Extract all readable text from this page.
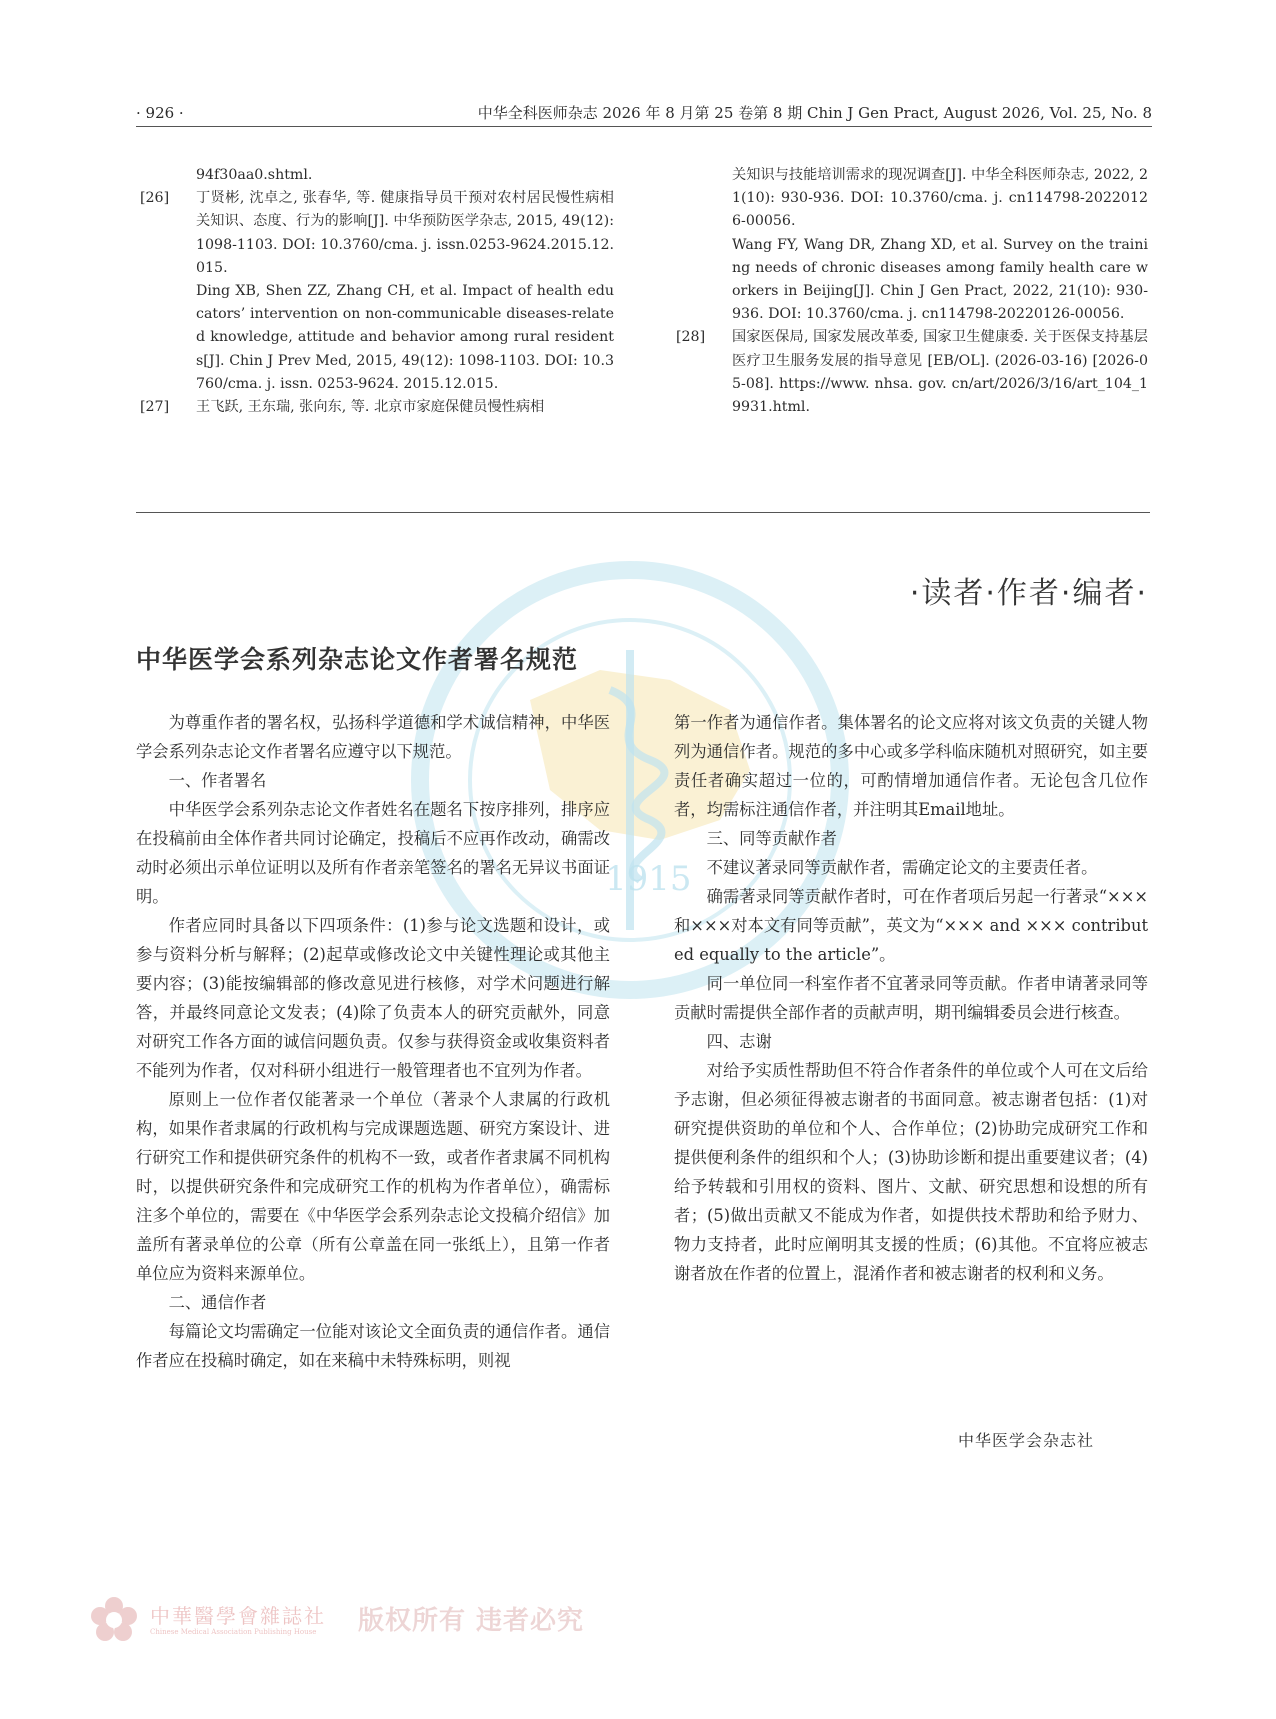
· 926 ·	中华全科医师杂志 2026 年 8 月第 25 卷第 8 期 Chin J Gen Pract, August 2026, Vol. 25, No. 8
1915
94f30aa0.shtml.
[26]	丁贤彬, 沈卓之, 张春华, 等. 健康指导员干预对农村居民慢性病相关知识、态度、行为的影响[J]. 中华预防医学杂志, 2015, 49(12): 1098-1103. DOI: 10.3760/cma. j. issn.0253-9624.2015.12.015.
Ding XB, Shen ZZ, Zhang CH, et al. Impact of health educators’ intervention on non-communicable diseases-related knowledge, attitude and behavior among rural residents[J]. Chin J Prev Med, 2015, 49(12): 1098-1103. DOI: 10.3760/cma. j. issn. 0253-9624. 2015.12.015.
[27]	王飞跃, 王东瑞, 张向东, 等. 北京市家庭保健员慢性病相
关知识与技能培训需求的现况调查[J]. 中华全科医师杂志, 2022, 21(10): 930-936. DOI: 10.3760/cma. j. cn114798-20220126-00056.
Wang FY, Wang DR, Zhang XD, et al. Survey on the training needs of chronic diseases among family health care workers in Beijing[J]. Chin J Gen Pract, 2022, 21(10): 930-936. DOI: 10.3760/cma. j. cn114798-20220126-00056.
[28]	国家医保局, 国家发展改革委, 国家卫生健康委. 关于医保支持基层医疗卫生服务发展的指导意见 [EB/OL]. (2026-03-16) [2026-05-08]. https://www. nhsa. gov. cn/art/2026/3/16/art_104_19931.html.
·读者·作者·编者·
中华医学会系列杂志论文作者署名规范

为尊重作者的署名权，弘扬科学道德和学术诚信精神，中华医学会系列杂志论文作者署名应遵守以下规范。

一、作者署名

中华医学会系列杂志论文作者姓名在题名下按序排列，排序应在投稿前由全体作者共同讨论确定，投稿后不应再作改动，确需改动时必须出示单位证明以及所有作者亲笔签名的署名无异议书面证明。

作者应同时具备以下四项条件：(1)参与论文选题和设计，或参与资料分析与解释；(2)起草或修改论文中关键性理论或其他主要内容；(3)能按编辑部的修改意见进行核修，对学术问题进行解答，并最终同意论文发表；(4)除了负责本人的研究贡献外，同意对研究工作各方面的诚信问题负责。仅参与获得资金或收集资料者不能列为作者，仅对科研小组进行一般管理者也不宜列为作者。

原则上一位作者仅能著录一个单位（著录个人隶属的行政机构，如果作者隶属的行政机构与完成课题选题、研究方案设计、进行研究工作和提供研究条件的机构不一致，或者作者隶属不同机构时，以提供研究条件和完成研究工作的机构为作者单位），确需标注多个单位的，需要在《中华医学会系列杂志论文投稿介绍信》加盖所有著录单位的公章（所有公章盖在同一张纸上），且第一作者单位应为资料来源单位。

二、通信作者

每篇论文均需确定一位能对该论文全面负责的通信作者。通信作者应在投稿时确定，如在来稿中未特殊标明，则视

第一作者为通信作者。集体署名的论文应将对该文负责的关键人物列为通信作者。规范的多中心或多学科临床随机对照研究，如主要责任者确实超过一位的，可酌情增加通信作者。无论包含几位作者，均需标注通信作者，并注明其Email地址。

三、同等贡献作者

不建议著录同等贡献作者，需确定论文的主要责任者。

确需著录同等贡献作者时，可在作者项后另起一行著录“×××和×××对本文有同等贡献”，英文为“××× and ××× contributed equally to the article”。

同一单位同一科室作者不宜著录同等贡献。作者申请著录同等贡献时需提供全部作者的贡献声明，期刊编辑委员会进行核查。

四、志谢

对给予实质性帮助但不符合作者条件的单位或个人可在文后给予志谢，但必须征得被志谢者的书面同意。被志谢者包括：(1)对研究提供资助的单位和个人、合作单位；(2)协助完成研究工作和提供便利条件的组织和个人；(3)协助诊断和提出重要建议者；(4)给予转载和引用权的资料、图片、文献、研究思想和设想的所有者；(5)做出贡献又不能成为作者，如提供技术帮助和给予财力、物力支持者，此时应阐明其支援的性质；(6)其他。不宜将应被志谢者放在作者的位置上，混淆作者和被志谢者的权利和义务。

中华医学会杂志社
中華醫學會雜誌社
Chinese Medical Association Publishing House 版权所有 违者必究
